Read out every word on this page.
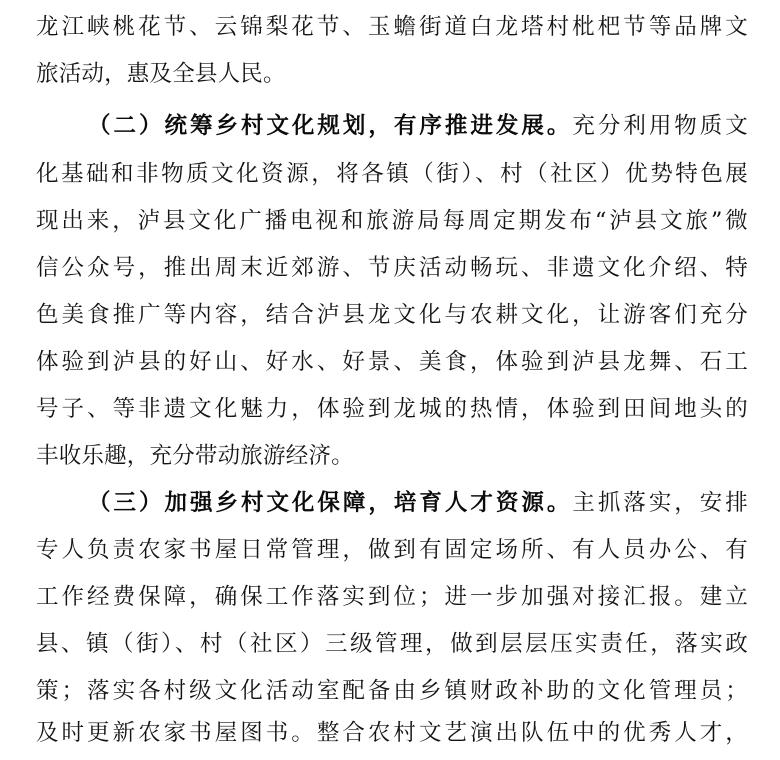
龙江峡桃花节、云锦梨花节、玉蟾街道白龙塔村枇杷节等品牌文
旅活动，惠及全县人民。
（二）统筹乡村文化规划，有序推进发展。充分利用物质文
化基础和非物质文化资源，将各镇（街）、村（社区）优势特色展
现出来，泸县文化广播电视和旅游局每周定期发布“泸县文旅”微
信公众号，推出周末近郊游、节庆活动畅玩、非遗文化介绍、特
色美食推广等内容，结合泸县龙文化与农耕文化，让游客们充分
体验到泸县的好山、好水、好景、美食，体验到泸县龙舞、石工
号子、等非遗文化魅力，体验到龙城的热情，体验到田间地头的
丰收乐趣，充分带动旅游经济。
（三）加强乡村文化保障，培育人才资源。主抓落实，安排
专人负责农家书屋日常管理，做到有固定场所、有人员办公、有
工作经费保障，确保工作落实到位；进一步加强对接汇报。建立
县、镇（街）、村（社区）三级管理，做到层层压实责任，落实政
策；落实各村级文化活动室配备由乡镇财政补助的文化管理员；
及时更新农家书屋图书。整合农村文艺演出队伍中的优秀人才，
